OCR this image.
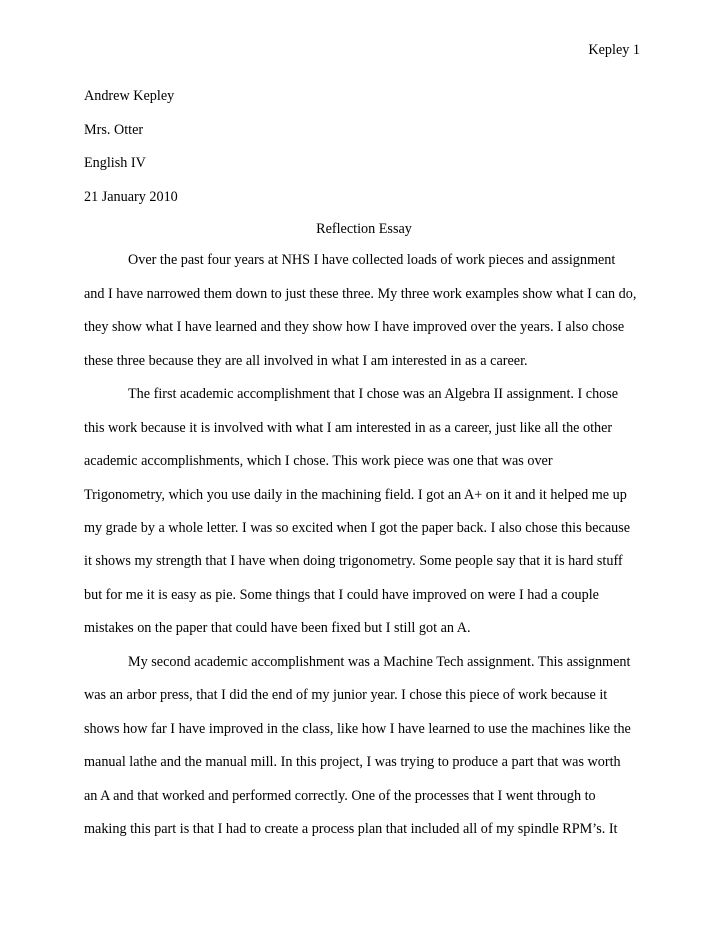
Kepley 1
Andrew Kepley
Mrs. Otter
English IV
21 January 2010
Reflection Essay
Over the past four years at NHS I have collected loads of work pieces and assignment
and I have narrowed them down to just these three. My three work examples show what I can do,
they show what I have learned and they show how I have improved over the years. I also chose
these three because they are all involved in what I am interested in as a career.
The first academic accomplishment that I chose was an Algebra II assignment. I chose
this work because it is involved with what I am interested in as a career, just like all the other
academic accomplishments, which I chose. This work piece was one that was over
Trigonometry, which you use daily in the machining field. I got an A+ on it and it helped me up
my grade by a whole letter. I was so excited when I got the paper back. I also chose this because
it shows my strength that I have when doing trigonometry. Some people say that it is hard stuff
but for me it is easy as pie. Some things that I could have improved on were I had a couple
mistakes on the paper that could have been fixed but I still got an A.
My second academic accomplishment was a Machine Tech assignment. This assignment
was an arbor press, that I did the end of my junior year. I chose this piece of work because it
shows how far I have improved in the class, like how I have learned to use the machines like the
manual lathe and the manual mill. In this project, I was trying to produce a part that was worth
an A and that worked and performed correctly. One of the processes that I went through to
making this part is that I had to create a process plan that included all of my spindle RPM’s. It
